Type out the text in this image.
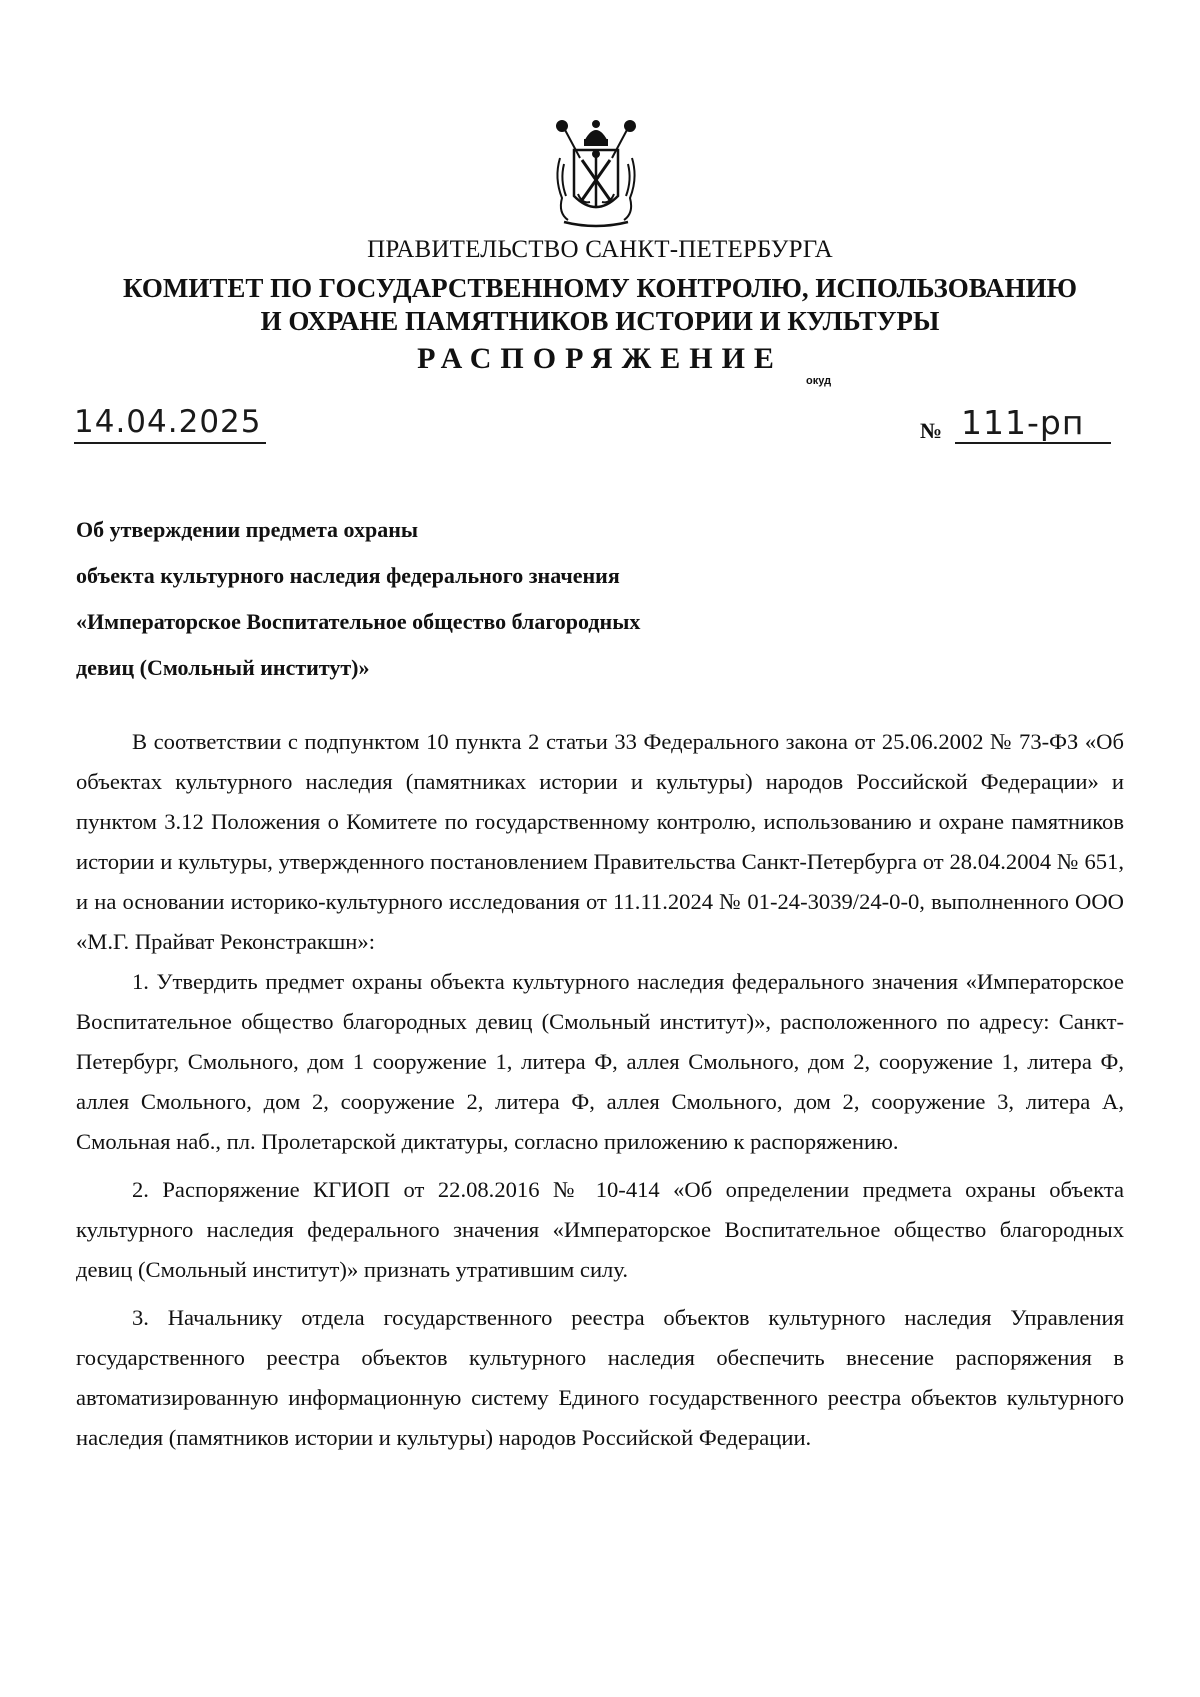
ПРАВИТЕЛЬСТВО САНКТ-ПЕТЕРБУРГА
КОМИТЕТ ПО ГОСУДАРСТВЕННОМУ КОНТРОЛЮ, ИСПОЛЬЗОВАНИЮ
И ОХРАНЕ ПАМЯТНИКОВ ИСТОРИИ И КУЛЬТУРЫ
РАСПОРЯЖЕНИЕ
окуд
14.04.2025	№ 111-рп
Об утверждении предмета охраны
объекта культурного наследия федерального значения
«Императорское Воспитательное общество благородных
девиц (Смольный институт)»

В соответствии с подпунктом 10 пункта 2 статьи 33 Федерального закона от 25.06.2002 № 73-ФЗ «Об объектах культурного наследия (памятниках истории и культуры) народов Российской Федерации» и пунктом 3.12 Положения о Комитете по государственному контролю, использованию и охране памятников истории и культуры, утвержденного постановлением Правительства Санкт-Петербурга от 28.04.2004 № 651, и на основании историко-культурного исследования от 11.11.2024 № 01-24-3039/24-0-0, выполненного ООО «М.Г. Прайват Реконстракшн»:

1. Утвердить предмет охраны объекта культурного наследия федерального значения «Императорское Воспитательное общество благородных девиц (Смольный институт)», расположенного по адресу: Санкт-Петербург, Смольного, дом 1 сооружение 1, литера Ф, аллея Смольного, дом 2, сооружение 1, литера Ф, аллея Смольного, дом 2, сооружение 2, литера Ф, аллея Смольного, дом 2, сооружение 3, литера А, Смольная наб., пл. Пролетарской диктатуры, согласно приложению к распоряжению.

2. Распоряжение КГИОП от 22.08.2016 № 10-414 «Об определении предмета охраны объекта культурного наследия федерального значения «Императорское Воспитательное общество благородных девиц (Смольный институт)» признать утратившим силу.

3. Начальнику отдела государственного реестра объектов культурного наследия Управления государственного реестра объектов культурного наследия обеспечить внесение распоряжения в автоматизированную информационную систему Единого государственного реестра объектов культурного наследия (памятников истории и культуры) народов Российской Федерации.
